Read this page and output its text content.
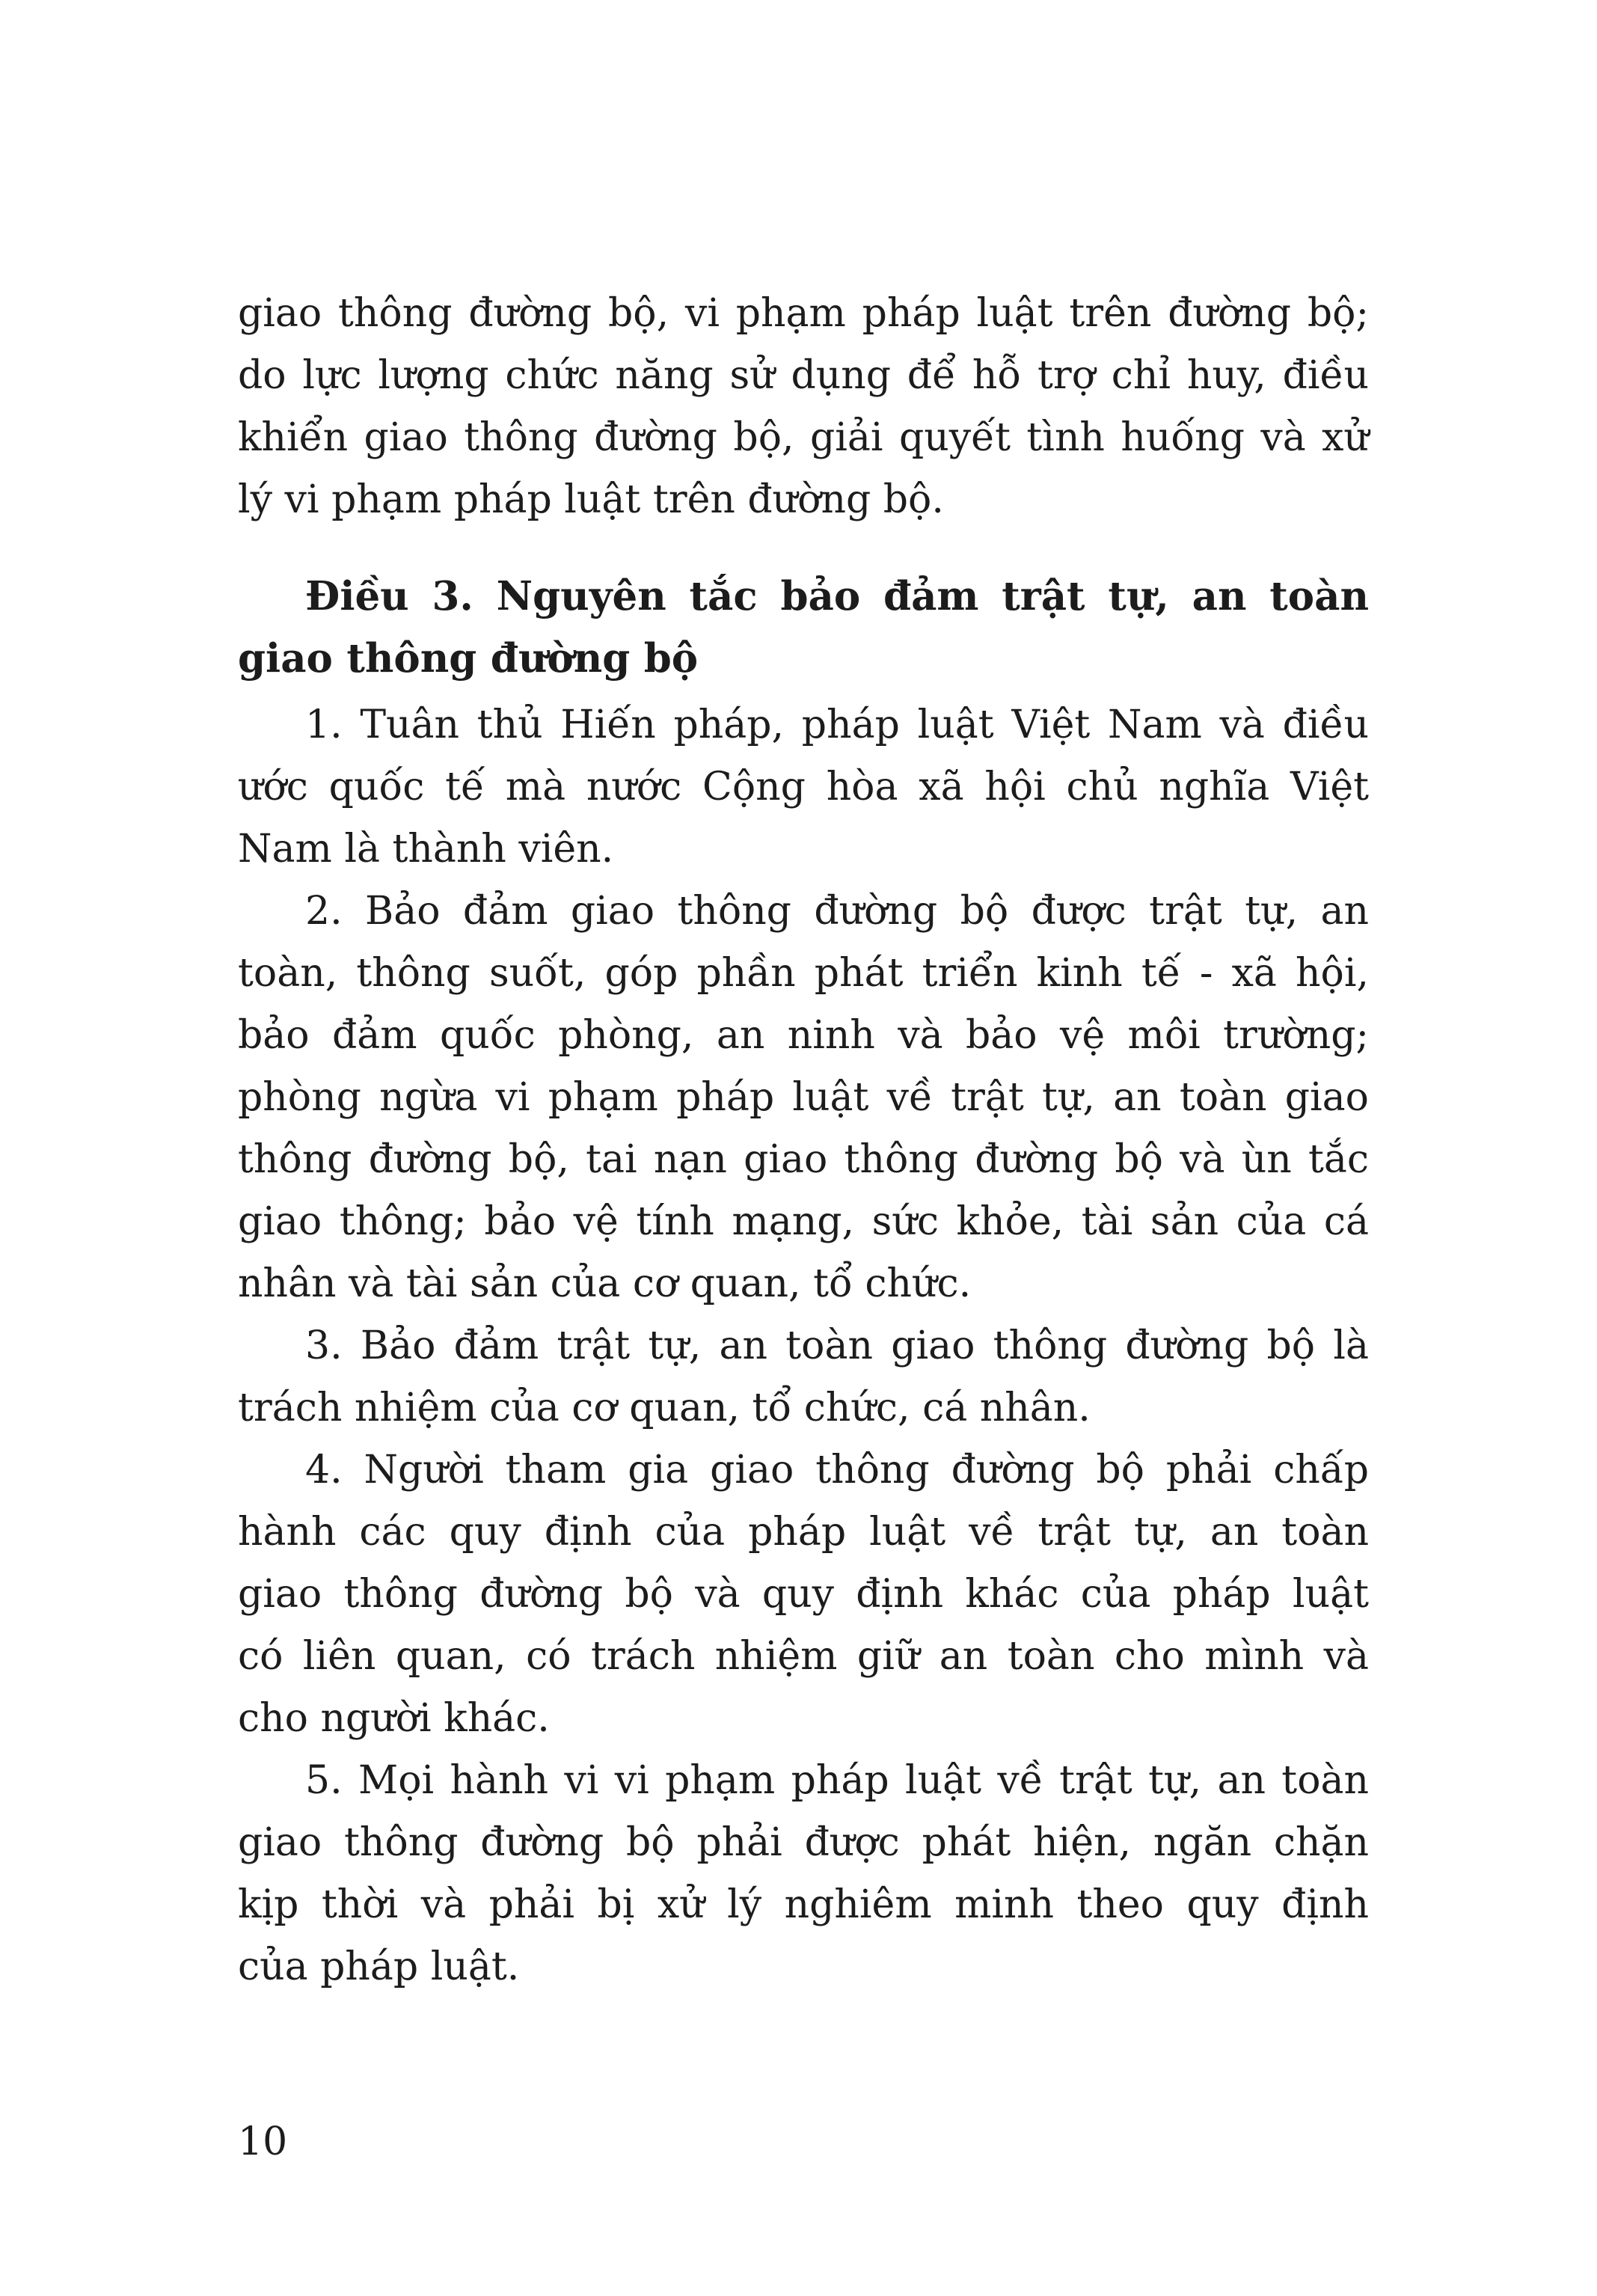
giao thông đường bộ, vi phạm pháp luật trên đường bộ;

do lực lượng chức năng sử dụng để hỗ trợ chỉ huy, điều

khiển giao thông đường bộ, giải quyết tình huống và xử

lý vi phạm pháp luật trên đường bộ.

Điều 3. Nguyên tắc bảo đảm trật tự, an toàn

giao thông đường bộ

1. Tuân thủ Hiến pháp, pháp luật Việt Nam và điều

ước quốc tế mà nước Cộng hòa xã hội chủ nghĩa Việt

Nam là thành viên.

2. Bảo đảm giao thông đường bộ được trật tự, an

toàn, thông suốt, góp phần phát triển kinh tế - xã hội,

bảo đảm quốc phòng, an ninh và bảo vệ môi trường;

phòng ngừa vi phạm pháp luật về trật tự, an toàn giao

thông đường bộ, tai nạn giao thông đường bộ và ùn tắc

giao thông; bảo vệ tính mạng, sức khỏe, tài sản của cá

nhân và tài sản của cơ quan, tổ chức.

3. Bảo đảm trật tự, an toàn giao thông đường bộ là

trách nhiệm của cơ quan, tổ chức, cá nhân.

4. Người tham gia giao thông đường bộ phải chấp

hành các quy định của pháp luật về trật tự, an toàn

giao thông đường bộ và quy định khác của pháp luật

có liên quan, có trách nhiệm giữ an toàn cho mình và

cho người khác.

5. Mọi hành vi vi phạm pháp luật về trật tự, an toàn

giao thông đường bộ phải được phát hiện, ngăn chặn

kịp thời và phải bị xử lý nghiêm minh theo quy định

của pháp luật.

10
